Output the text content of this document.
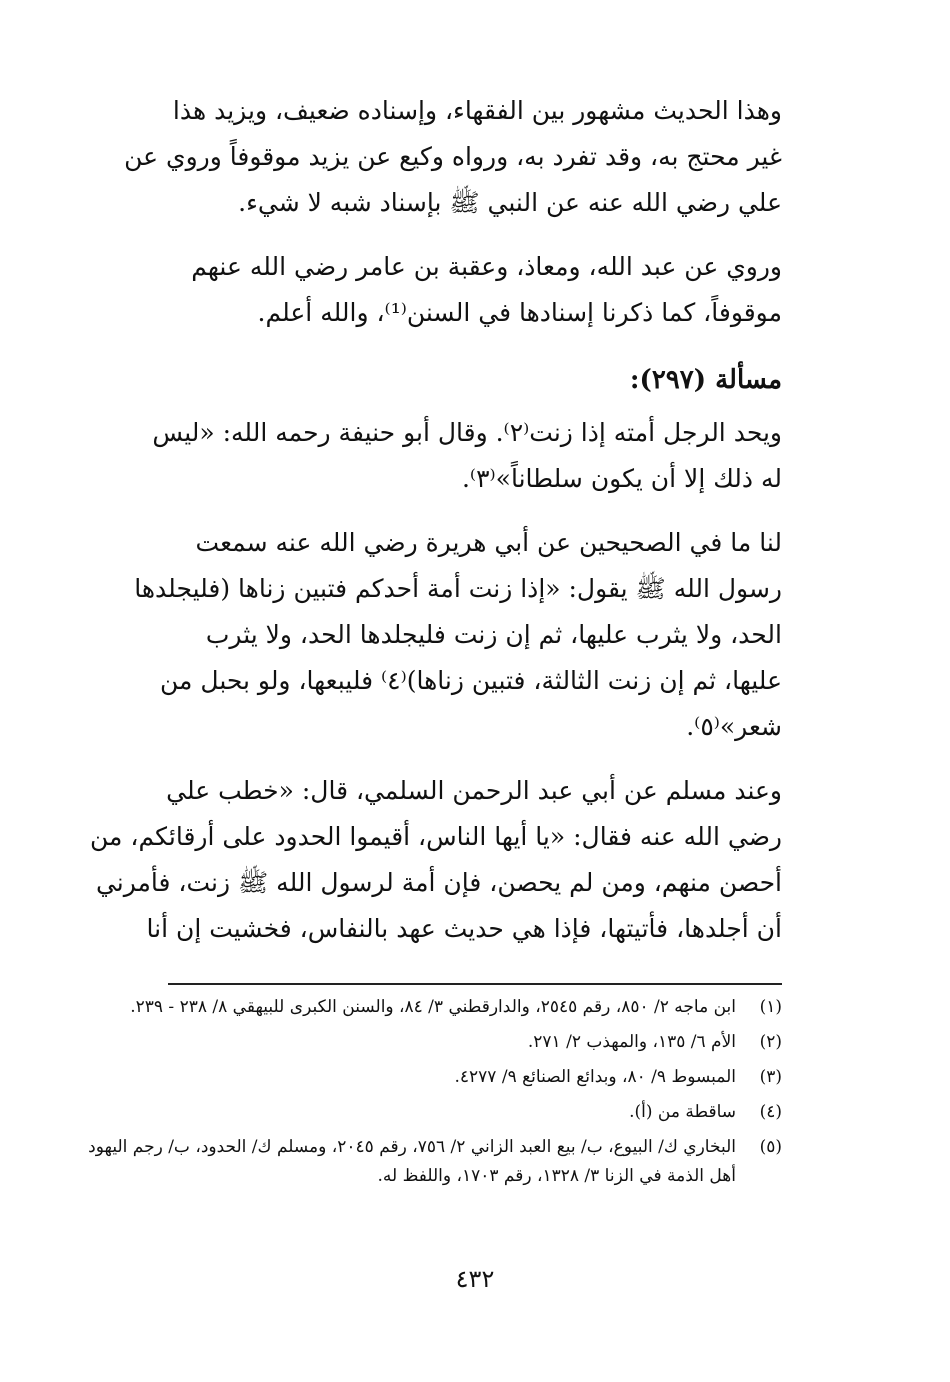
وهذا الحديث مشهور بين الفقهاء، وإسناده ضعيف، ويزيد هذا
غير محتج به، وقد تفرد به، ورواه وكيع عن يزيد موقوفاً وروي عن
علي رضي الله عنه عن النبي ﷺ بإسناد شبه لا شيء.

وروي عن عبد الله، ومعاذ، وعقبة بن عامر رضي الله عنهم
موقوفاً، كما ذكرنا إسنادها في السنن⁽¹⁾، والله أعلم.

مسألة (٢٩٧):

ويحد الرجل أمته إذا زنت⁽٢⁾. وقال أبو حنيفة رحمه الله: «ليس
له ذلك إلا أن يكون سلطاناً»⁽٣⁾.

لنا ما في الصحيحين عن أبي هريرة رضي الله عنه سمعت
رسول الله ﷺ يقول: «إذا زنت أمة أحدكم فتبين زناها (فليجلدها
الحد، ولا يثرب عليها، ثم إن زنت فليجلدها الحد، ولا يثرب
عليها، ثم إن زنت الثالثة، فتبين زناها)⁽٤⁾ فليبعها، ولو بحبل من
شعر»⁽٥⁾.

وعند مسلم عن أبي عبد الرحمن السلمي، قال: «خطب علي
رضي الله عنه فقال: «يا أيها الناس، أقيموا الحدود على أرقائكم، من
أحصن منهم، ومن لم يحصن، فإن أمة لرسول الله ﷺ زنت، فأمرني
أن أجلدها، فأتيتها، فإذا هي حديث عهد بالنفاس، فخشيت إن أنا

(١)
ابن ماجه ٢/ ٨٥٠، رقم ٢٥٤٥، والدارقطني ٣/ ٨٤، والسنن الكبرى للبيهقي ٨/ ٢٣٨ - ٢٣٩.
(٢)
الأم ٦/ ١٣٥، والمهذب ٢/ ٢٧١.
(٣)
المبسوط ٩/ ٨٠، وبدائع الصنائع ٩/ ٤٢٧٧.
(٤)
ساقطة من (أ).
(٥)
البخاري ك/ البيوع، ب/ بيع العبد الزاني ٢/ ٧٥٦، رقم ٢٠٤٥، ومسلم ك/ الحدود، ب/ رجم اليهود أهل الذمة في الزنا ٣/ ١٣٢٨، رقم ١٧٠٣، واللفظ له.
٤٣٢
